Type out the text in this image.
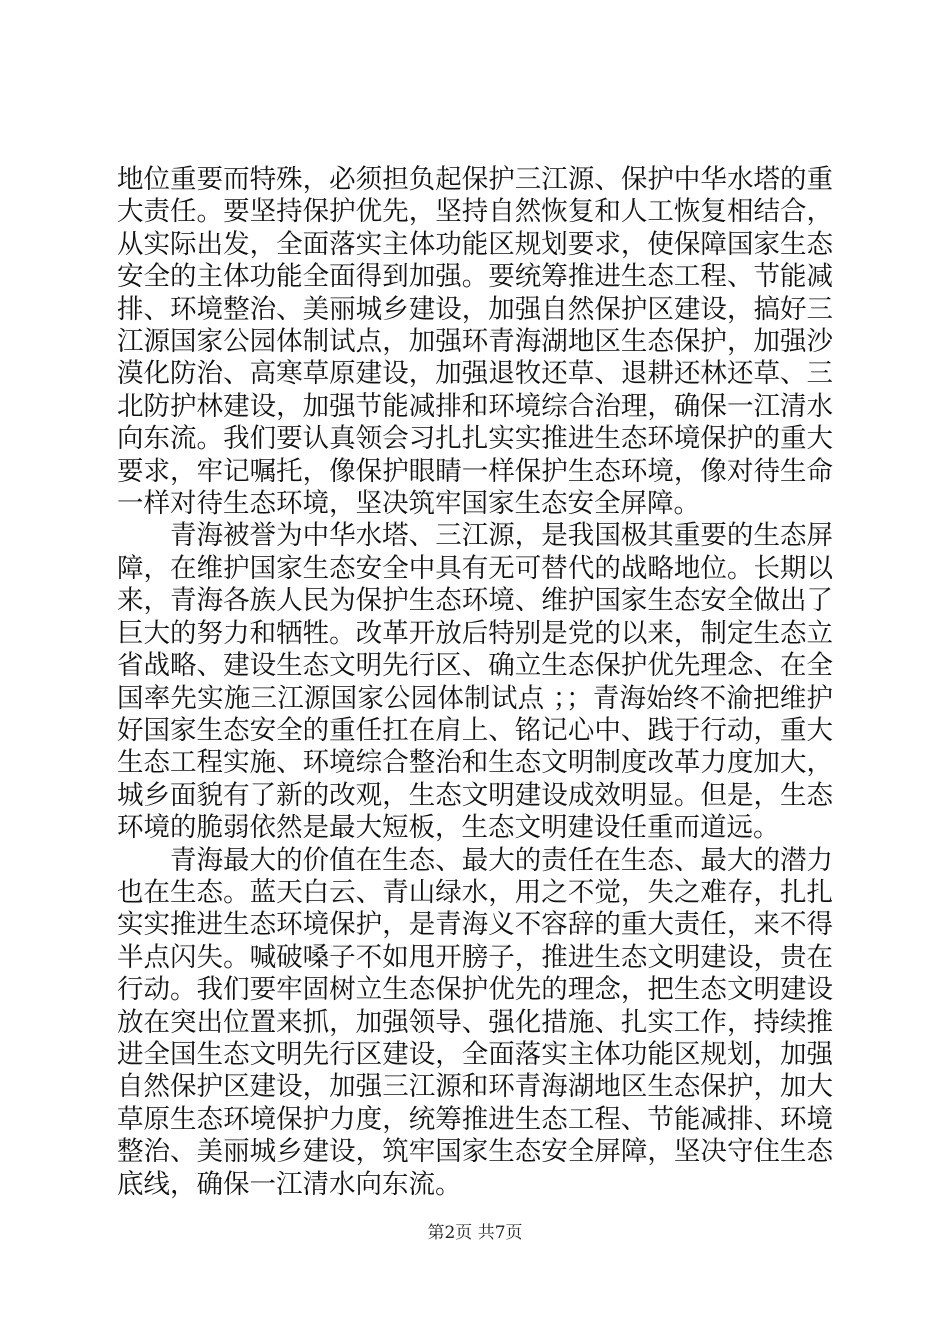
地位重要而特殊，必须担负起保护三江源、保护中华水塔的重大责任。要坚持保护优先，坚持自然恢复和人工恢复相结合，从实际出发，全面落实主体功能区规划要求，使保障国家生态安全的主体功能全面得到加强。要统筹推进生态工程、节能减排、环境整治、美丽城乡建设，加强自然保护区建设，搞好三江源国家公园体制试点，加强环青海湖地区生态保护，加强沙漠化防治、高寒草原建设，加强退牧还草、退耕还林还草、三北防护林建设，加强节能减排和环境综合治理，确保一江清水向东流。我们要认真领会习扎扎实实推进生态环境保护的重大要求，牢记嘱托，像保护眼睛一样保护生态环境，像对待生命一样对待生态环境，坚决筑牢国家生态安全屏障。

青海被誉为中华水塔、三江源，是我国极其重要的生态屏障，在维护国家生态安全中具有无可替代的战略地位。长期以来，青海各族人民为保护生态环境、维护国家生态安全做出了巨大的努力和牺牲。改革开放后特别是党的以来，制定生态立省战略、建设生态文明先行区、确立生态保护优先理念、在全国率先实施三江源国家公园体制试点 ；；青海始终不渝把维护好国家生态安全的重任扛在肩上、铭记心中、践于行动，重大生态工程实施、环境综合整治和生态文明制度改革力度加大，城乡面貌有了新的改观，生态文明建设成效明显。但是，生态环境的脆弱依然是最大短板，生态文明建设任重而道远。

青海最大的价值在生态、最大的责任在生态、最大的潜力也在生态。蓝天白云、青山绿水，用之不觉，失之难存，扎扎实实推进生态环境保护，是青海义不容辞的重大责任，来不得半点闪失。喊破嗓子不如甩开膀子，推进生态文明建设，贵在行动。我们要牢固树立生态保护优先的理念，把生态文明建设放在突出位置来抓，加强领导、强化措施、扎实工作，持续推进全国生态文明先行区建设，全面落实主体功能区规划，加强自然保护区建设，加强三江源和环青海湖地区生态保护，加大草原生态环境保护力度，统筹推进生态工程、节能减排、环境整治、美丽城乡建设，筑牢国家生态安全屏障，坚决守住生态底线，确保一江清水向东流。

第2页 共7页
